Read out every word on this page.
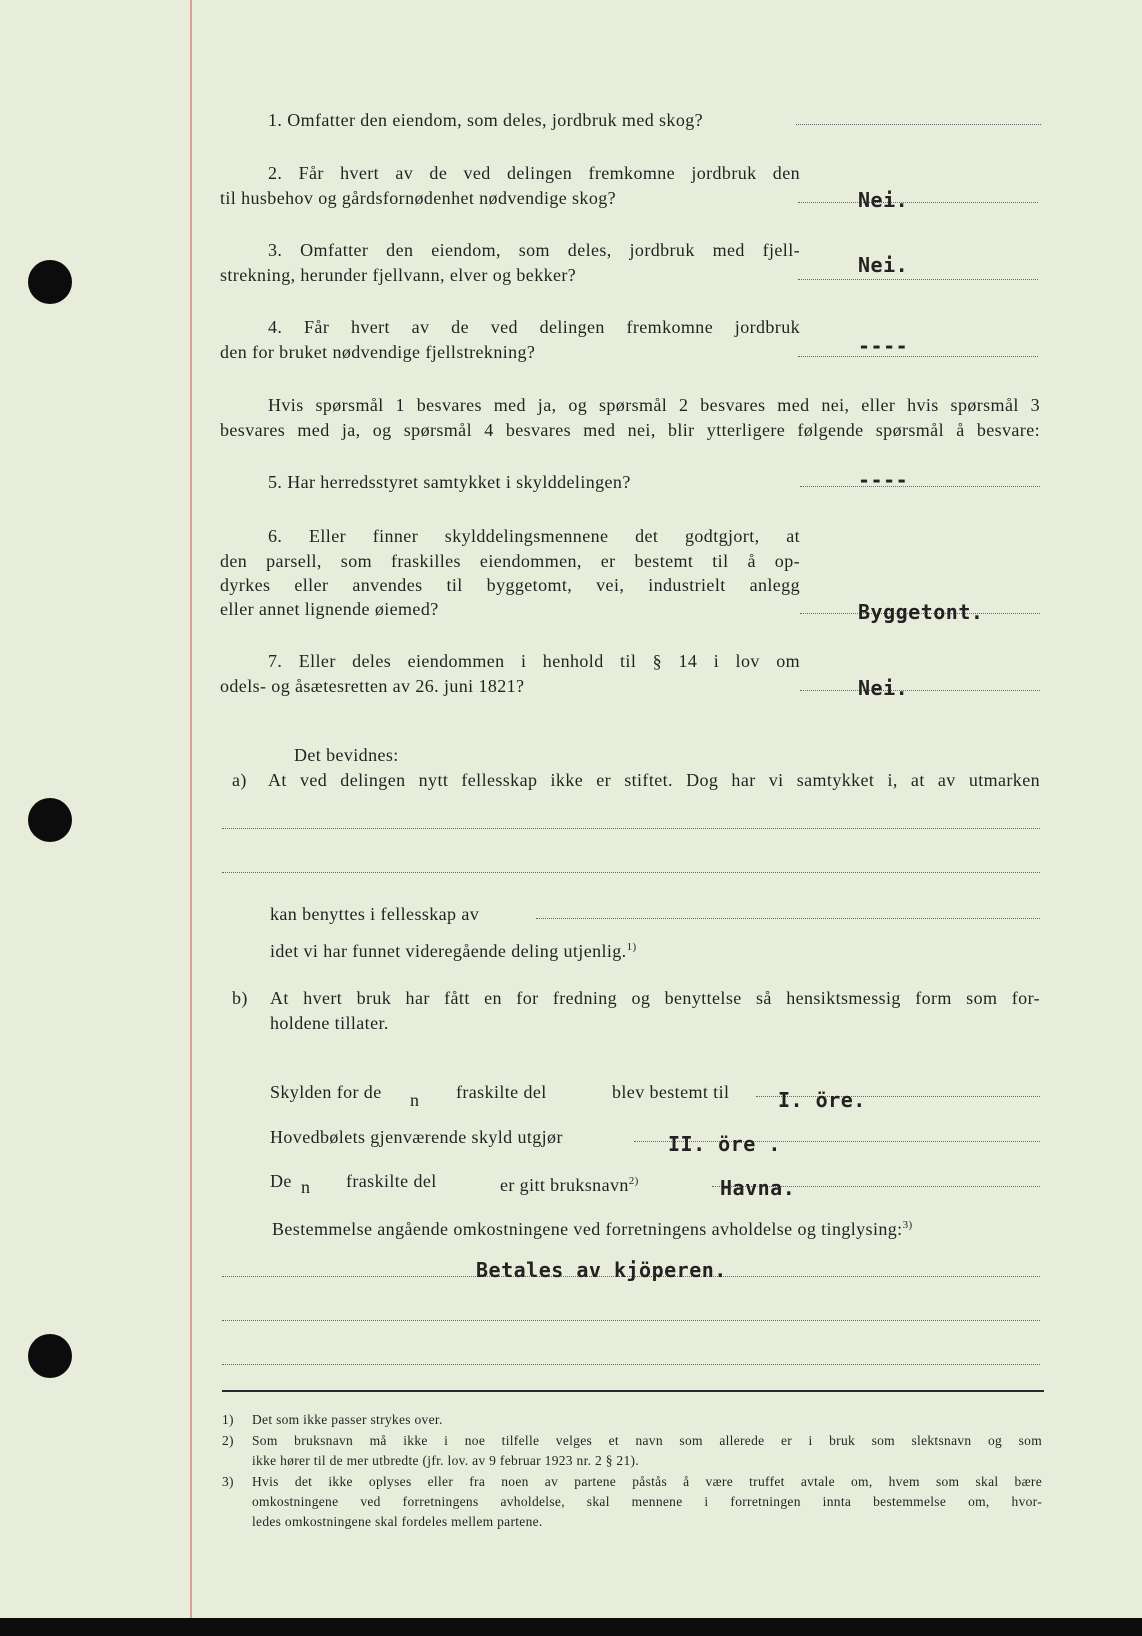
1. Omfatter den eiendom, som deles, jordbruk med skog?
2. Får hvert av de ved delingen fremkomne jordbruk den
til husbehov og gårdsfornødenhet nødvendige skog?	Nei.
3. Omfatter den eiendom, som deles, jordbruk med fjell-
strekning, herunder fjellvann, elver og bekker?	Nei.
4. Får hvert av de ved delingen fremkomne jordbruk
den for bruket nødvendige fjellstrekning?	----
Hvis spørsmål 1 besvares med ja, og spørsmål 2 besvares med nei, eller hvis spørsmål 3
besvares med ja, og spørsmål 4 besvares med nei, blir ytterligere følgende spørsmål å besvare:
5. Har herredsstyret samtykket i skylddelingen?	----
6. Eller finner skylddelingsmennene det godtgjort, at
den parsell, som fraskilles eiendommen, er bestemt til å op-
dyrkes eller anvendes til byggetomt, vei, industrielt anlegg
eller annet lignende øiemed?	Byggetont.
7. Eller deles eiendommen i henhold til § 14 i lov om
odels- og åsætesretten av 26. juni 1821?	Nei.
Det bevidnes:
a) At ved delingen nytt fellesskap ikke er stiftet. Dog har vi samtykket i, at av utmarken
kan benyttes i fellesskap av
idet vi har funnet videregående deling utjenlig.$^{1)}$
b) At hvert bruk har fått en for fredning og benyttelse så hensiktsmessig form som for-
holdene tillater.
Skylden for de n fraskilte del	blev bestemt til I. öre.
Hovedbølets gjenværende skyld utgjør	II. öre .
De n fraskilte del	er gitt bruksnavn$^{2)}$	Havna.
Bestemmelse angående omkostningene ved forretningens avholdelse og tinglysing:$^{3)}$
Betales av kjöperen.
1) Det som ikke passer strykes over.
2) Som bruksnavn må ikke i noe tilfelle velges et navn som allerede er i bruk som slektsnavn og som
ikke hører til de mer utbredte (jfr. lov. av 9 februar 1923 nr. 2 § 21).
3) Hvis det ikke oplyses eller fra noen av partene påstås å være truffet avtale om, hvem som skal bære
omkostningene ved forretningens avholdelse, skal mennene i forretningen innta bestemmelse om, hvor-
ledes omkostningene skal fordeles mellem partene.
